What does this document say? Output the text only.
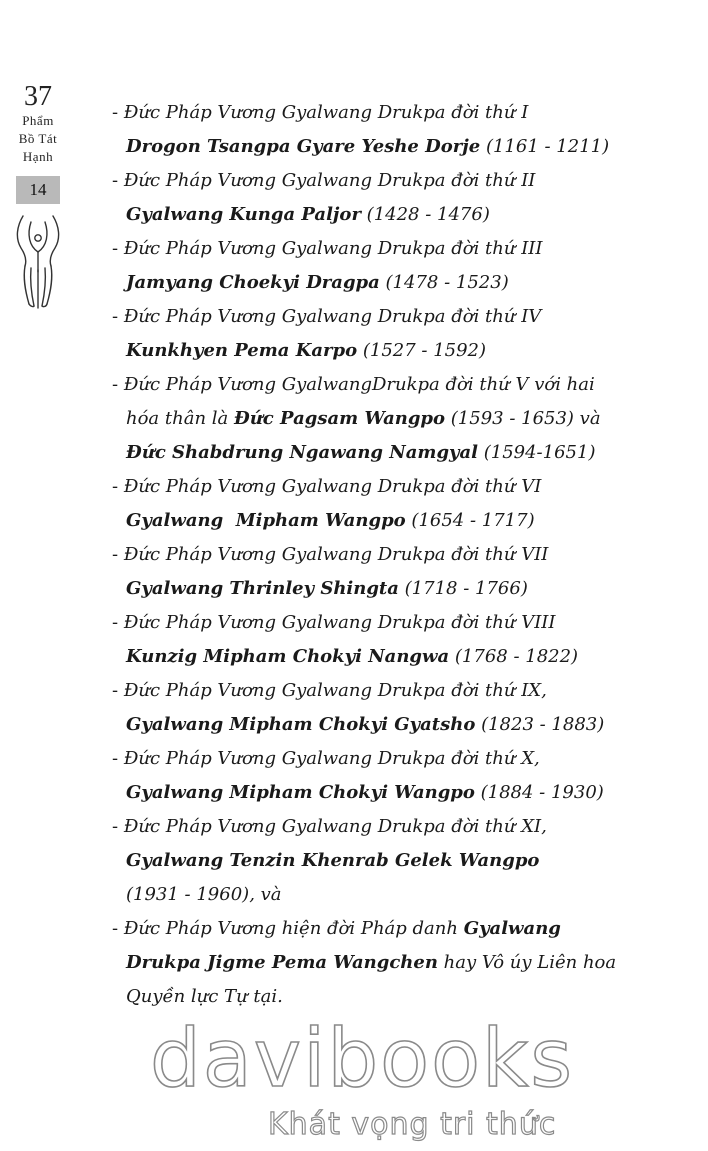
37
Phẩm
Bồ Tát
Hạnh
14
- Đức Pháp Vương Gyalwang Drukpa đời thứ I
Drogon Tsangpa Gyare Yeshe Dorje (1161 - 1211)
- Đức Pháp Vương Gyalwang Drukpa đời thứ II
Gyalwang Kunga Paljor (1428 - 1476)
- Đức Pháp Vương Gyalwang Drukpa đời thứ III
Jamyang Choekyi Dragpa (1478 - 1523)
- Đức Pháp Vương Gyalwang Drukpa đời thứ IV
Kunkhyen Pema Karpo (1527 - 1592)
- Đức Pháp Vương GyalwangDrukpa đời thứ V với hai
hóa thân là Đức Pagsam Wangpo (1593 - 1653) và
Đức Shabdrung Ngawang Namgyal (1594-1651)
- Đức Pháp Vương Gyalwang Drukpa đời thứ VI
Gyalwang  Mipham Wangpo (1654 - 1717)
- Đức Pháp Vương Gyalwang Drukpa đời thứ VII
Gyalwang Thrinley Shingta (1718 - 1766)
- Đức Pháp Vương Gyalwang Drukpa đời thứ VIII
Kunzig Mipham Chokyi Nangwa (1768 - 1822)
- Đức Pháp Vương Gyalwang Drukpa đời thứ IX,
Gyalwang Mipham Chokyi Gyatsho (1823 - 1883)
- Đức Pháp Vương Gyalwang Drukpa đời thứ X,
Gyalwang Mipham Chokyi Wangpo (1884 - 1930)
- Đức Pháp Vương Gyalwang Drukpa đời thứ XI,
Gyalwang Tenzin Khenrab Gelek Wangpo
(1931 - 1960), và
- Đức Pháp Vương hiện đời Pháp danh Gyalwang
Drukpa Jigme Pema Wangchen hay Vô úy Liên hoa
Quyền lực Tự tại.
davibooks
Khát vọng tri thức
